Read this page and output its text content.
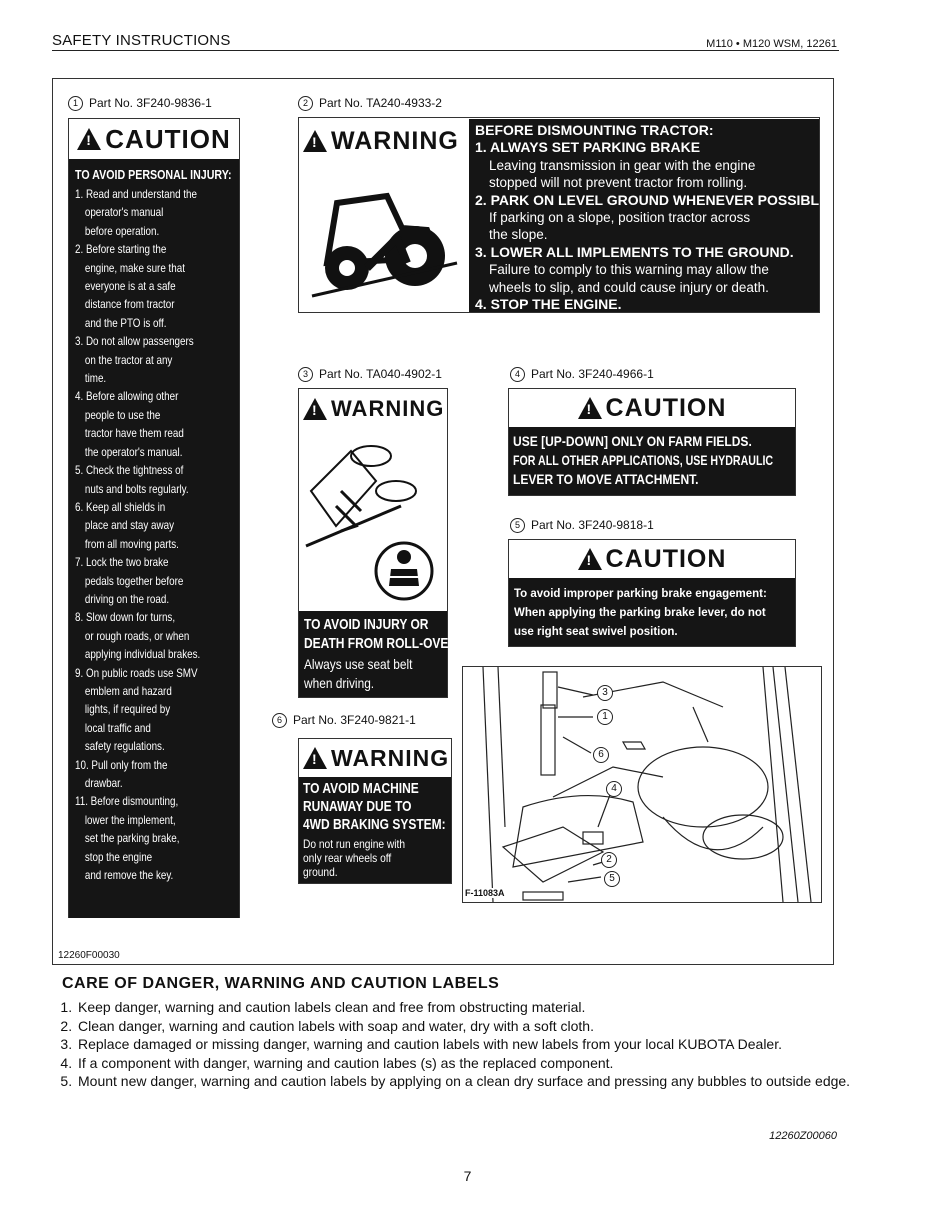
SAFETY INSTRUCTIONS	M110 • M120 WSM, 12261
1 Part No. 3F240-9836-1
!
CAUTION
TO AVOID PERSONAL INJURY:
1. Read and understand the
operator's manual
before operation.
2. Before starting the
engine, make sure that
everyone is at a safe
distance from tractor
and the PTO is off.
3. Do not allow passengers
on the tractor at any
time.
4. Before allowing other
people to use the
tractor have them read
the operator's manual.
5. Check the tightness of
nuts and bolts regularly.
6. Keep all shields in
place and stay away
from all moving parts.
7. Lock the two brake
pedals together before
driving on the road.
8. Slow down for turns,
or rough roads, or when
applying individual brakes.
9. On public roads use SMV
emblem and hazard
lights, if required by
local traffic and
safety regulations.
10. Pull only from the
drawbar.
11. Before dismounting,
lower the implement,
set the parking brake,
stop the engine
and remove the key.
2 Part No. TA240-4933-2
!
WARNING BEFORE DISMOUNTING TRACTOR:
1. ALWAYS SET PARKING BRAKE
Leaving transmission in gear with the engine
stopped will not prevent tractor from rolling.
2. PARK ON LEVEL GROUND WHENEVER POSSIBLE.
If parking on a slope, position tractor across
the slope.
3. LOWER ALL IMPLEMENTS TO THE GROUND.
Failure to comply to this warning may allow the
wheels to slip, and could cause injury or death.
4. STOP THE ENGINE.
3 Part No. TA040-4902-1
!
WARNING
TO AVOID INJURY OR
DEATH FROM ROLL-OVER:
Always use seat belt
when driving.
4 Part No. 3F240-4966-1
!
CAUTION
USE [UP-DOWN] ONLY ON FARM FIELDS.
FOR ALL OTHER APPLICATIONS, USE HYDRAULIC
LEVER TO MOVE ATTACHMENT.
5 Part No. 3F240-9818-1
!
CAUTION
To avoid improper parking brake engagement:
When applying the parking brake lever, do not
use right seat swivel position.
6 Part No. 3F240-9821-1
!
WARNING
TO AVOID MACHINE
RUNAWAY DUE TO
4WD BRAKING SYSTEM:
Do not run engine with
only rear wheels off
ground.
3
1
6
4
2
5
F-11083A
12260F00030
CARE OF DANGER, WARNING AND CAUTION LABELS
1. Keep danger, warning and caution labels clean and free from obstructing material.
2. Clean danger, warning and caution labels with soap and water, dry with a soft cloth.
3. Replace damaged or missing danger, warning and caution labels with new labels from your local KUBOTA Dealer.
4. If a component with danger, warning and caution labes (s) as the replaced component.
5. Mount new danger, warning and caution labels by applying on a clean dry surface and pressing any bubbles to outside edge.
12260Z00060
7
